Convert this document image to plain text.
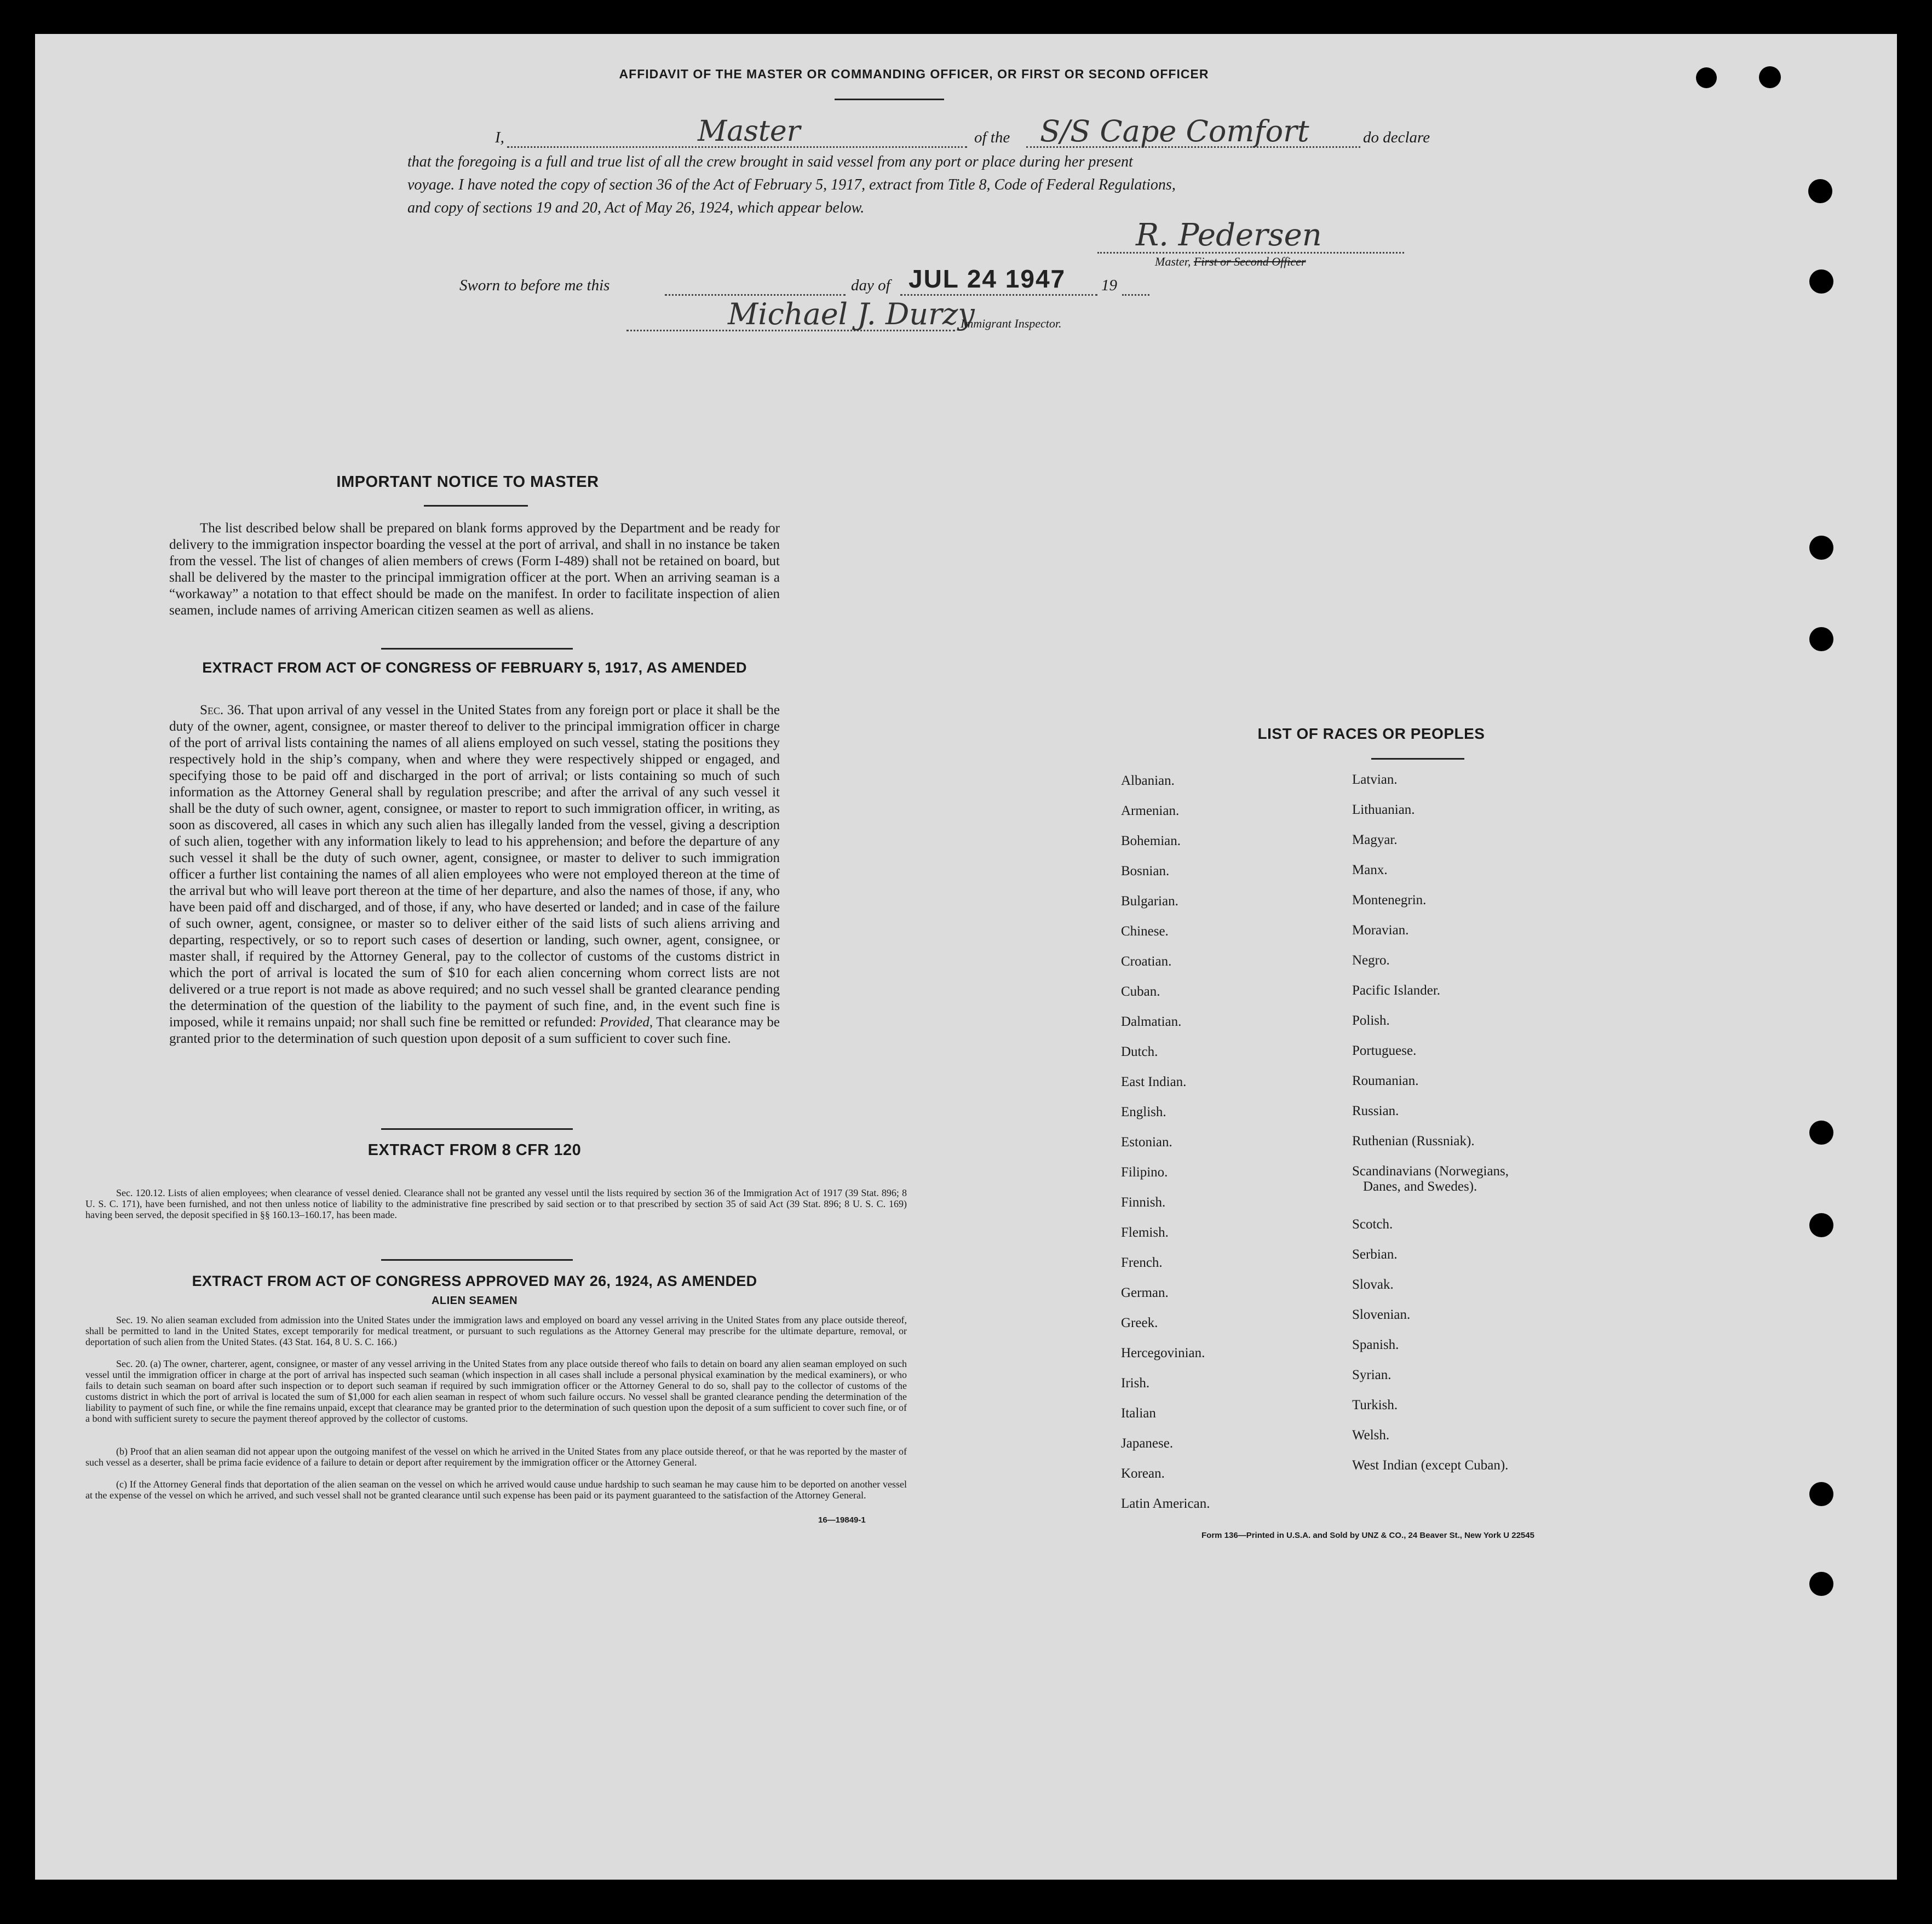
AFFIDAVIT OF THE MASTER OR COMMANDING OFFICER, OR FIRST OR SECOND OFFICER
I,	Master	of the S/S Cape Comfort	do declare
that the foregoing is a full and true list of all the crew brought in said vessel from any port or place during her present
voyage. I have noted the copy of section 36 of the Act of February 5, 1917, extract from Title 8, Code of Federal Regulations,
and copy of sections 19 and 20, Act of May 26, 1924, which appear below.
R. Pedersen
Master, First or Second Officer
Sworn to before me this	day of JUL 24 1947 19
Michael J. Durzy
Immigrant Inspector.
IMPORTANT NOTICE TO MASTER
The list described below shall be prepared on blank forms approved by the Department and be ready for delivery to the immigration inspector boarding the vessel at the port of arrival, and shall in no instance be taken from the vessel. The list of changes of alien members of crews (Form I-489) shall not be retained on board, but shall be delivered by the master to the principal immigration officer at the port. When an arriving seaman is a “workaway” a notation to that effect should be made on the manifest. In order to facilitate inspection of alien seamen, include names of arriving American citizen seamen as well as aliens.
EXTRACT FROM ACT OF CONGRESS OF FEBRUARY 5, 1917, AS AMENDED
Sec. 36. That upon arrival of any vessel in the United States from any foreign port or place it shall be the duty of the owner, agent, consignee, or master thereof to deliver to the principal immigration officer in charge of the port of arrival lists containing the names of all aliens employed on such vessel, stating the positions they respectively hold in the ship’s company, when and where they were respectively shipped or engaged, and specifying those to be paid off and discharged in the port of arrival; or lists containing so much of such information as the Attorney General shall by regulation prescribe; and after the arrival of any such vessel it shall be the duty of such owner, agent, consignee, or master to report to such immigration officer, in writing, as soon as discovered, all cases in which any such alien has illegally landed from the vessel, giving a description of such alien, together with any information likely to lead to his apprehension; and before the departure of any such vessel it shall be the duty of such owner, agent, consignee, or master to deliver to such immigration officer a further list containing the names of all alien employees who were not employed thereon at the time of the arrival but who will leave port thereon at the time of her departure, and also the names of those, if any, who have been paid off and discharged, and of those, if any, who have deserted or landed; and in case of the failure of such owner, agent, consignee, or master so to deliver either of the said lists of such aliens arriving and departing, respectively, or so to report such cases of desertion or landing, such owner, agent, consignee, or master shall, if required by the Attorney General, pay to the collector of customs of the customs district in which the port of arrival is located the sum of $10 for each alien concerning whom correct lists are not delivered or a true report is not made as above required; and no such vessel shall be granted clearance pending the determination of the question of the liability to the payment of such fine, and, in the event such fine is imposed, while it remains unpaid; nor shall such fine be remitted or refunded: Provided, That clearance may be granted prior to the determination of such question upon deposit of a sum sufficient to cover such fine.
EXTRACT FROM 8 CFR 120
Sec. 120.12. Lists of alien employees; when clearance of vessel denied. Clearance shall not be granted any vessel until the lists required by section 36 of the Immigration Act of 1917 (39 Stat. 896; 8 U. S. C. 171), have been furnished, and not then unless notice of liability to the administrative fine prescribed by said section or to that prescribed by section 35 of said Act (39 Stat. 896; 8 U. S. C. 169) having been served, the deposit specified in §§ 160.13–160.17, has been made.
EXTRACT FROM ACT OF CONGRESS APPROVED MAY 26, 1924, AS AMENDED
ALIEN SEAMEN
Sec. 19. No alien seaman excluded from admission into the United States under the immigration laws and employed on board any vessel arriving in the United States from any place outside thereof, shall be permitted to land in the United States, except temporarily for medical treatment, or pursuant to such regulations as the Attorney General may prescribe for the ultimate departure, removal, or deportation of such alien from the United States. (43 Stat. 164, 8 U. S. C. 166.)
Sec. 20. (a) The owner, charterer, agent, consignee, or master of any vessel arriving in the United States from any place outside thereof who fails to detain on board any alien seaman employed on such vessel until the immigration officer in charge at the port of arrival has inspected such seaman (which inspection in all cases shall include a personal physical examination by the medical examiners), or who fails to detain such seaman on board after such inspection or to deport such seaman if required by such immigration officer or the Attorney General to do so, shall pay to the collector of customs of the customs district in which the port of arrival is located the sum of $1,000 for each alien seaman in respect of whom such failure occurs. No vessel shall be granted clearance pending the determination of the liability to payment of such fine, or while the fine remains unpaid, except that clearance may be granted prior to the determination of such question upon the deposit of a sum sufficient to cover such fine, or of a bond with sufficient surety to secure the payment thereof approved by the collector of customs.
(b) Proof that an alien seaman did not appear upon the outgoing manifest of the vessel on which he arrived in the United States from any place outside thereof, or that he was reported by the master of such vessel as a deserter, shall be prima facie evidence of a failure to detain or deport after requirement by the immigration officer or the Attorney General.
(c) If the Attorney General finds that deportation of the alien seaman on the vessel on which he arrived would cause undue hardship to such seaman he may cause him to be deported on another vessel at the expense of the vessel on which he arrived, and such vessel shall not be granted clearance until such expense has been paid or its payment guaranteed to the satisfaction of the Attorney General.
16—19849-1
LIST OF RACES OR PEOPLES
Albanian.
Armenian.
Bohemian.
Bosnian.
Bulgarian.
Chinese.
Croatian.
Cuban.
Dalmatian.
Dutch.
East Indian.
English.
Estonian.
Filipino.
Finnish.
Flemish.
French.
German.
Greek.
Hercegovinian.
Irish.
Italian
Japanese.
Korean.
Latin American.
Latvian.
Lithuanian.
Magyar.
Manx.
Montenegrin.
Moravian.
Negro.
Pacific Islander.
Polish.
Portuguese.
Roumanian.
Russian.
Ruthenian (Russniak).
Scandinavians (Norwegians,
Danes, and Swedes).
Scotch.
Serbian.
Slovak.
Slovenian.
Spanish.
Syrian.
Turkish.
Welsh.
West Indian (except Cuban).
Form 136—Printed in U.S.A. and Sold by UNZ & CO., 24 Beaver St., New York U 22545
